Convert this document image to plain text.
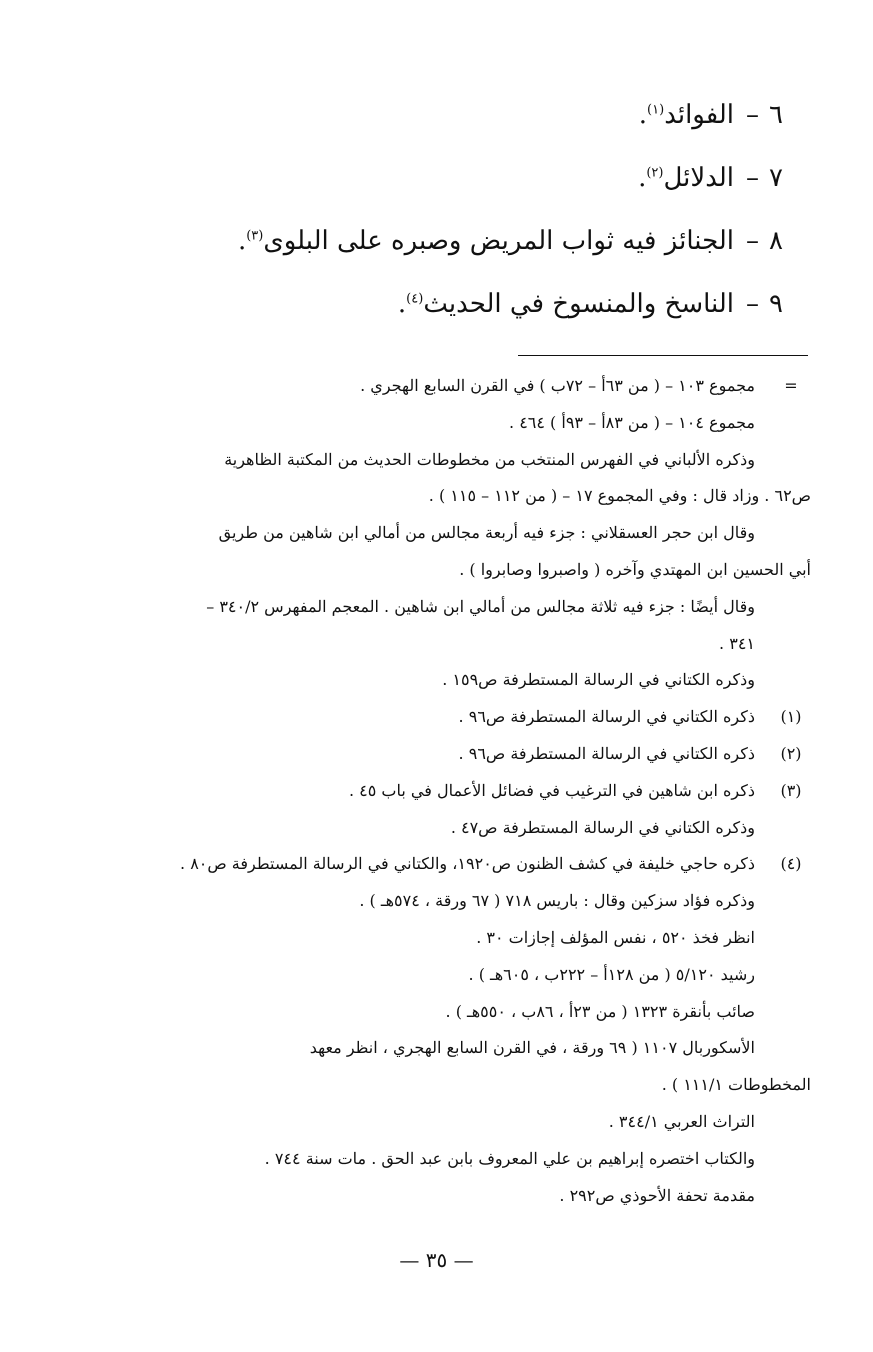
٦–الفوائد$^{(١)}$.
٧–الدلائل$^{(٢)}$.
٨–الجنائز فيه ثواب المريض وصبره على البلوى$^{(٣)}$.
٩–الناسخ والمنسوخ في الحديث$^{(٤)}$.
=مجموع ١٠٣ – ( من ٦٣أ – ٧٢ب ) في القرن السابع الهجري .
مجموع ١٠٤ – ( من ٨٣أ – ٩٣أ ) ٤٦٤ .
وذكره الألباني في الفهرس المنتخب من مخطوطات الحديث من المكتبة الظاهرية
ص٦٢ . وزاد قال : وفي المجموع ١٧ – ( من ١١٢ – ١١٥ ) .
وقال ابن حجر العسقلاني : جزء فيه أربعة مجالس من أمالي ابن شاهين من طريق
أبي الحسين ابن المهتدي وآخره ( واصبروا وصابروا ) .
وقال أيضًا : جزء فيه ثلاثة مجالس من أمالي ابن شاهين . المعجم المفهرس ٣٤٠/٢ –
٣٤١ .
وذكره الكتاني في الرسالة المستطرفة ص١٥٩ .
(١)ذكره الكتاني في الرسالة المستطرفة ص٩٦ .
(٢)ذكره الكتاني في الرسالة المستطرفة ص٩٦ .
(٣)ذكره ابن شاهين في الترغيب في فضائل الأعمال في باب ٤٥ .
وذكره الكتاني في الرسالة المستطرفة ص٤٧ .
(٤)ذكره حاجي خليفة في كشف الظنون ص١٩٢٠، والكتاني في الرسالة المستطرفة ص٨٠ .
وذكره فؤاد سزكين وقال : باريس ٧١٨ ( ٦٧ ورقة ، ٥٧٤هـ ) .
انظر فخذ ٥٢٠ ، نفس المؤلف إجازات ٣٠ .
رشيد ٥/١٢٠ ( من ١٢٨أ – ٢٢٢ب ، ٦٠٥هـ ) .
صائب بأنقرة ١٣٢٣ ( من ٢٣أ ، ٨٦ب ، ٥٥٠هـ ) .
الأسكوربال ١١٠٧ ( ٦٩ ورقة ، في القرن السابع الهجري ، انظر معهد
المخطوطات ١١١/١ ) .
التراث العربي ٣٤٤/١ .
والكتاب اختصره إبراهيم بن علي المعروف بابن عبد الحق . مات سنة ٧٤٤ .
مقدمة تحفة الأحوذي ص٢٩٢ .
— ٣٥ —
